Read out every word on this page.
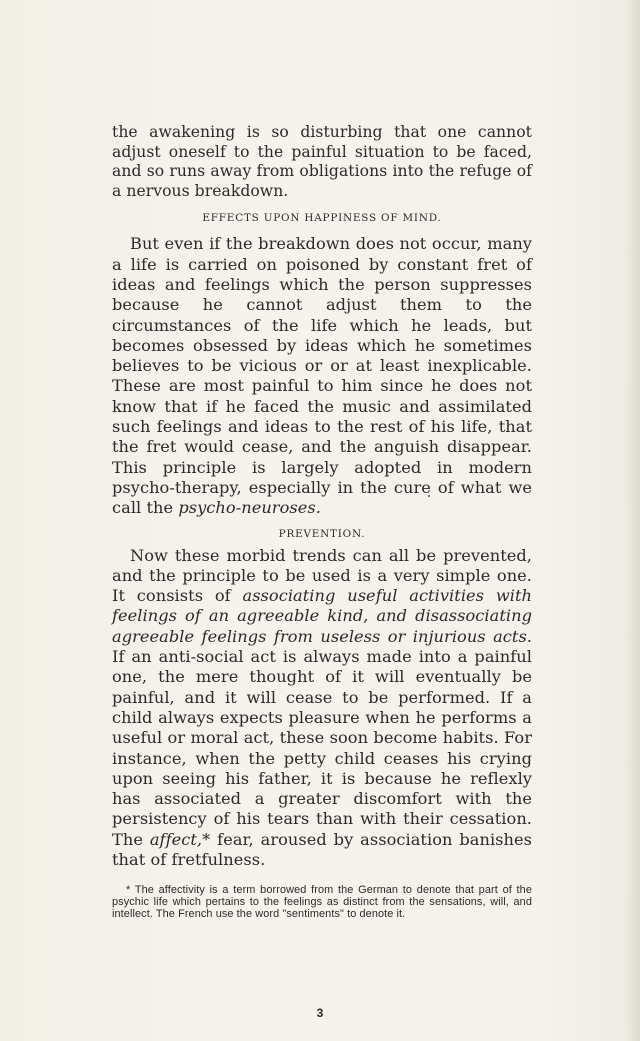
the awakening is so disturbing that one cannot adjust oneself to the painful situation to be faced, and so runs away from obligations into the refuge of a nervous breakdown.

EFFECTS UPON HAPPINESS OF MIND.

But even if the breakdown does not occur, many a life is carried on poisoned by constant fret of ideas and feelings which the person suppresses because he cannot adjust them to the circumstances of the life which he leads, but becomes obsessed by ideas which he sometimes believes to be vicious or or at least inexplicable. These are most painful to him since he does not know that if he faced the music and assimilated such feelings and ideas to the rest of his life, that the fret would cease, and the anguish disappear. This principle is largely adopted in modern psycho-therapy, especially in the cure of what we call the psycho-neuroses.

PREVENTION.

Now these morbid trends can all be prevented, and the principle to be used is a very simple one. It consists of associating useful activities with feelings of an agreeable kind, and disassociating agreeable feelings from useless or injurious acts. If an anti-social act is always made into a painful one, the mere thought of it will eventually be painful, and it will cease to be performed. If a child always expects pleasure when he performs a useful or moral act, these soon become habits. For instance, when the petty child ceases his crying upon seeing his father, it is because he reflexly has associated a greater discomfort with the persistency of his tears than with their cessation. The affect,* fear, aroused by association banishes that of fretfulness.

* The affectivity is a term borrowed from the German to denote that part of the psychic life which pertains to the feelings as distinct from the sensations, will, and intellect. The French use the word "sentiments" to denote it.

3
